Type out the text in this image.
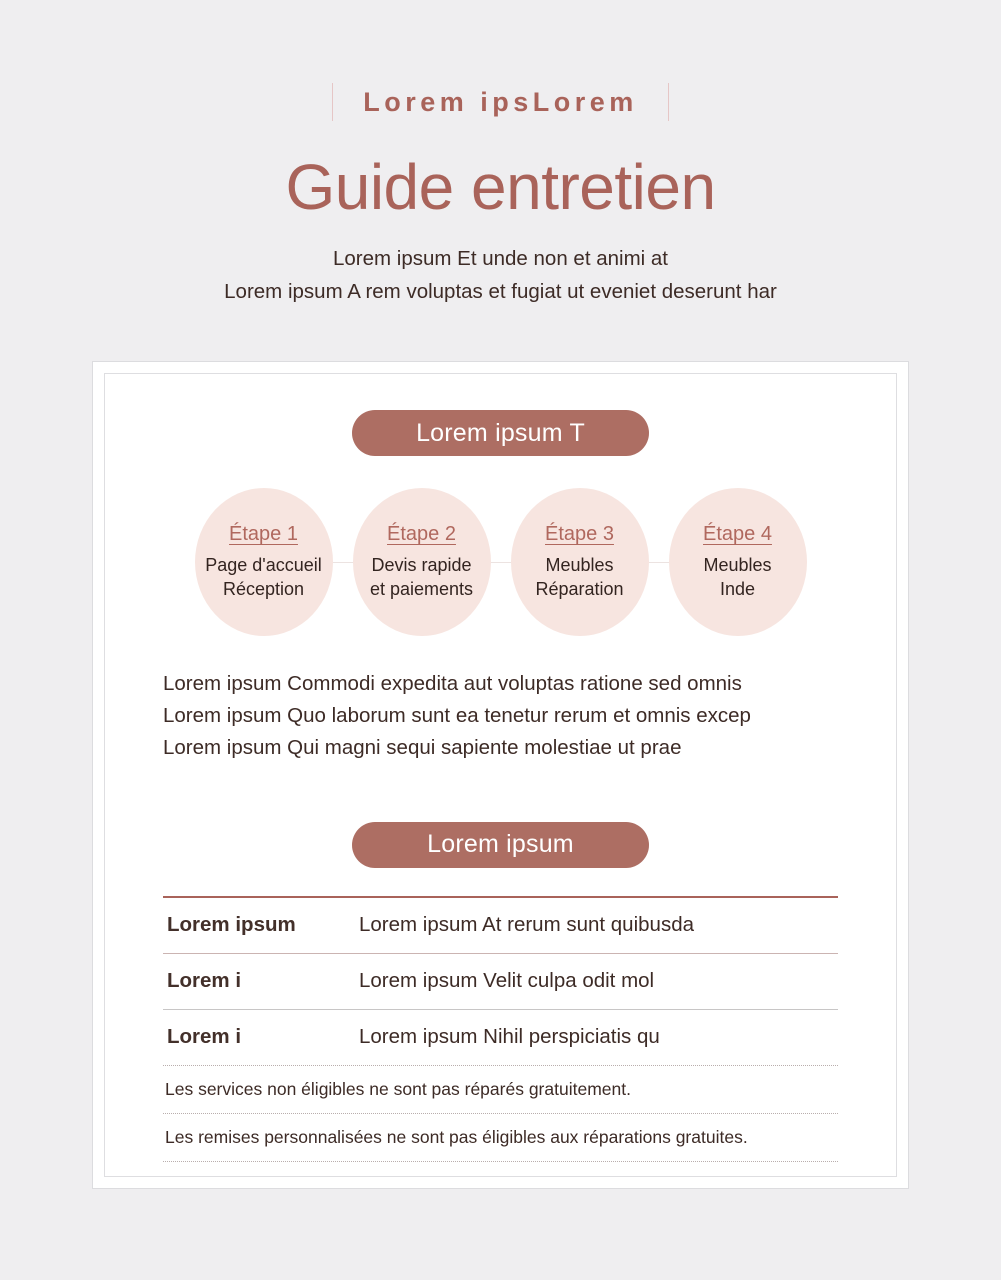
Lorem ipsLorem
Guide entretien
Lorem ipsum Et unde non et animi at
Lorem ipsum A rem voluptas et fugiat ut eveniet deserunt har
Lorem ipsum T
Étape 1
Page d'accueil
Réception
Étape 2
Devis rapide
et paiements
Étape 3
Meubles
Réparation
Étape 4
Meubles
Inde

Lorem ipsum Commodi expedita aut voluptas ratione sed omnis

Lorem ipsum Quo laborum sunt ea tenetur rerum et omnis excep

Lorem ipsum Qui magni sequi sapiente molestiae ut prae

Lorem ipsum
Lorem ipsum	Lorem ipsum At rerum sunt quibusda
Lorem i	Lorem ipsum Velit culpa odit mol
Lorem i	Lorem ipsum Nihil perspiciatis qu
Les services non éligibles ne sont pas réparés gratuitement.
Les remises personnalisées ne sont pas éligibles aux réparations gratuites.
